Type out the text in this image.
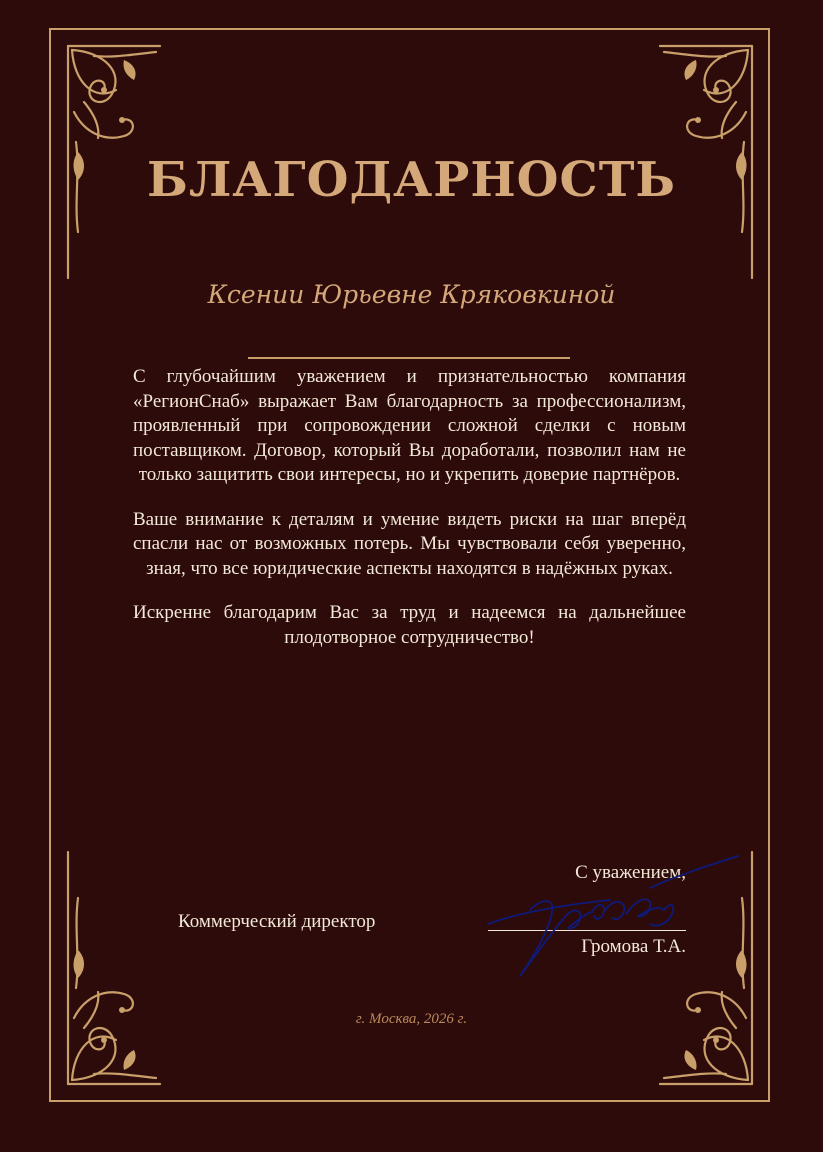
БЛАГОДАРНОСТЬ
Ксении Юрьевне Кряковкиной

С глубочайшим уважением и признательностью компания «РегионСнаб» выражает Вам благодарность за профессионализм, проявленный при сопровождении сложной сделки с новым поставщиком. Договор, который Вы доработали, позволил нам не только защитить свои интересы, но и укрепить доверие партнёров.

Ваше внимание к деталям и умение видеть риски на шаг вперёд спасли нас от возможных потерь. Мы чувствовали себя уверенно, зная, что все юридические аспекты находятся в надёжных руках.

Искренне благодарим Вас за труд и надеемся на дальнейшее плодотворное сотрудничество!

С уважением,
Коммерческий директор
Громова Т.А.
г. Москва, 2026 г.
